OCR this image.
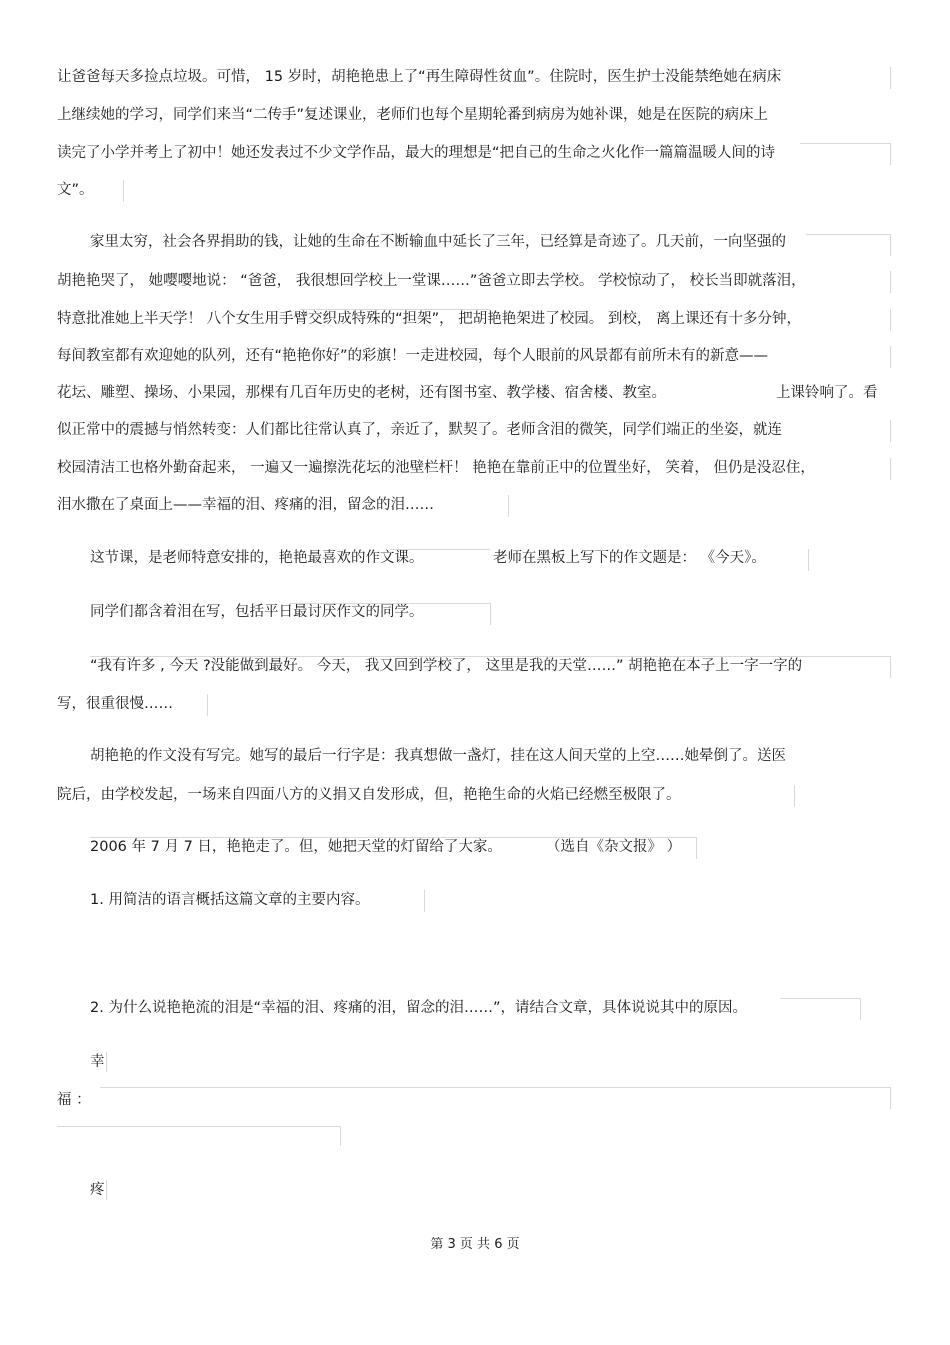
让爸爸每天多捡点垃圾。可惜， 15 岁时，胡艳艳患上了“再生障碍性贫血”。住院时，医生护士没能禁绝她在病床
上继续她的学习，同学们来当“二传手”复述课业，老师们也每个星期轮番到病房为她补课，她是在医院的病床上
读完了小学并考上了初中！她还发表过不少文学作品，最大的理想是“把自己的生命之火化作一篇篇温暖人间的诗
文”。
家里太穷，社会各界捐助的钱，让她的生命在不断输血中延长了三年，已经算是奇迹了。几天前，一向坚强的
胡艳艳哭了， 她嘤嘤地说： “爸爸， 我很想回学校上一堂课……”爸爸立即去学校。 学校惊动了， 校长当即就落泪，
特意批准她上半天学！ 八个女生用手臂交织成特殊的“担架”， 把胡艳艳架进了校园。 到校， 离上课还有十多分钟，
每间教室都有欢迎她的队列，还有“艳艳你好”的彩旗！一走进校园，每个人眼前的风景都有前所未有的新意——
花坛、雕塑、操场、小果园，那棵有几百年历史的老树，还有图书室、教学楼、宿舍楼、教室。	上课铃响了。看
似正常中的震撼与悄然转变：人们都比往常认真了，亲近了，默契了。老师含泪的微笑，同学们端正的坐姿，就连
校园清洁工也格外勤奋起来， 一遍又一遍擦洗花坛的池壁栏杆！ 艳艳在靠前正中的位置坐好， 笑着， 但仍是没忍住，
泪水撒在了桌面上——幸福的泪、疼痛的泪，留念的泪……
这节课，是老师特意安排的，艳艳最喜欢的作文课。	老师在黑板上写下的作文题是： 《今天》。
同学们都含着泪在写，包括平日最讨厌作文的同学。
“我有许多 , 今天 ?没能做到最好。 今天， 我又回到学校了， 这里是我的天堂……” 胡艳艳在本子上一字一字的
写，很重很慢……
胡艳艳的作文没有写完。她写的最后一行字是：我真想做一盏灯，挂在这人间天堂的上空……她晕倒了。送医
院后，由学校发起，一场来自四面八方的义捐又自发形成，但，艳艳生命的火焰已经燃至极限了。
2006 年 7 月 7 日，艳艳走了。但，她把天堂的灯留给了大家。	（选自《杂文报》 ）
1. 用简洁的语言概括这篇文章的主要内容。
2. 为什么说艳艳流的泪是“幸福的泪、疼痛的泪，留念的泪……”，请结合文章，具体说说其中的原因。
幸
福 ：
疼
第 3 页 共 6 页
